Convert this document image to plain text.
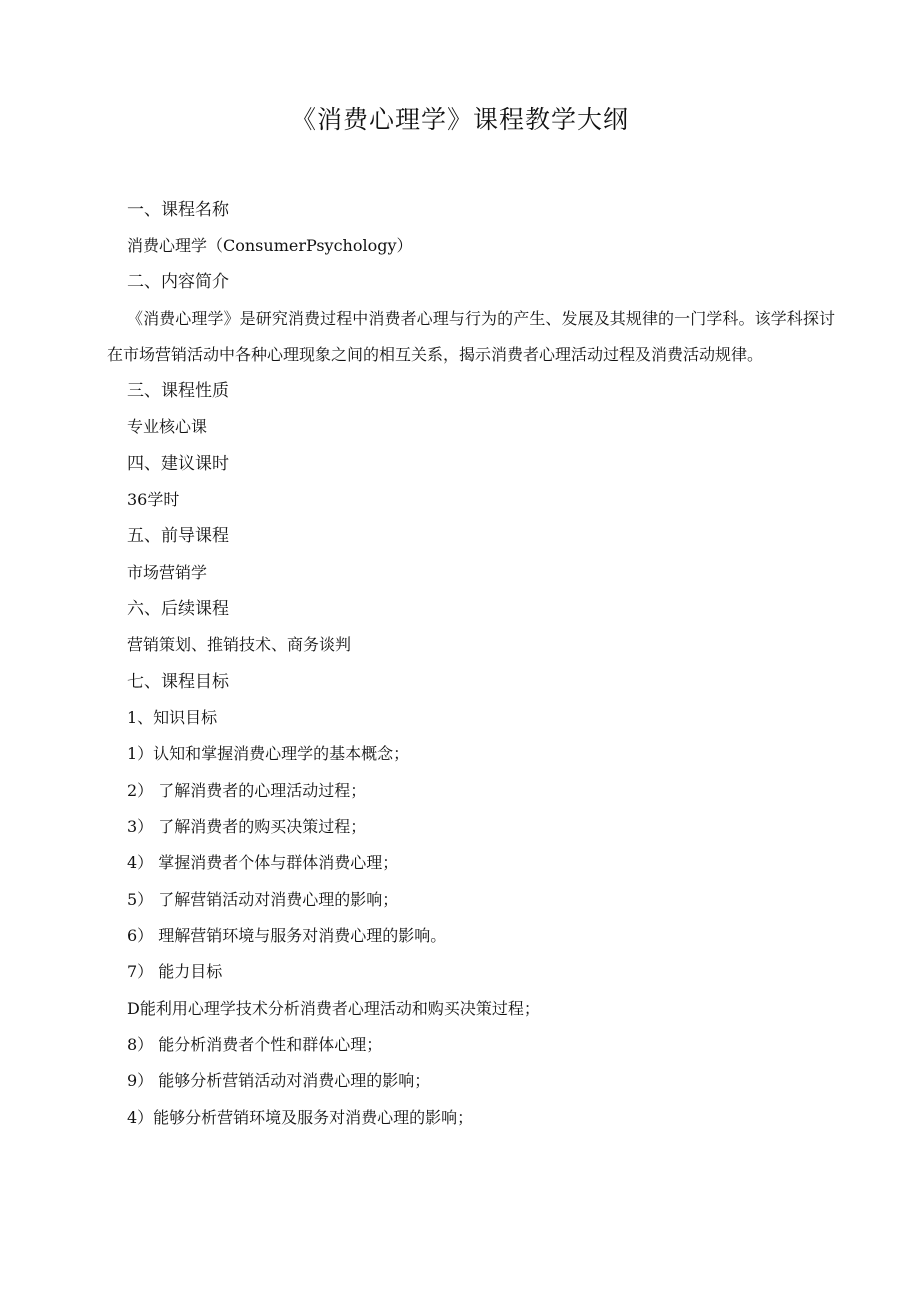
《消费心理学》课程教学大纲

一、课程名称

消费心理学（ConsumerPsychology）

二、内容简介

《消费心理学》是研究消费过程中消费者心理与行为的产生、发展及其规律的一门学科。该学科探讨在市场营销活动中各种心理现象之间的相互关系，揭示消费者心理活动过程及消费活动规律。

三、课程性质

专业核心课

四、建议课时

36学时

五、前导课程

市场营销学

六、后续课程

营销策划、推销技术、商务谈判

七、课程目标

1、知识目标

1）认知和掌握消费心理学的基本概念；

2） 了解消费者的心理活动过程；

3） 了解消费者的购买决策过程；

4） 掌握消费者个体与群体消费心理；

5） 了解营销活动对消费心理的影响；

6） 理解营销环境与服务对消费心理的影响。

7） 能力目标

D能利用心理学技术分析消费者心理活动和购买决策过程；

8） 能分析消费者个性和群体心理；

9） 能够分析营销活动对消费心理的影响；

4）能够分析营销环境及服务对消费心理的影响；
